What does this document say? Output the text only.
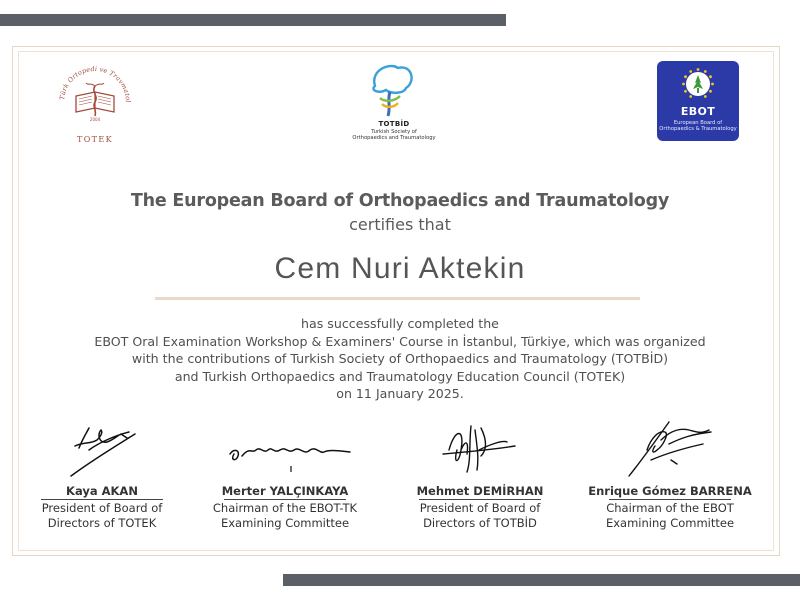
Türk Ortopedi ve Travmatol
2004
TOTEK
TOTBİD
Turkish Society of
Orthopaedics and Traumatology
EBOT
European Board of
Orthopaedics & Traumatology
The European Board of Orthopaedics and Traumatology
certifies that
Cem Nuri Aktekin
has successfully completed the
EBOT Oral Examination Workshop & Examiners' Course in İstanbul, Türkiye, which was organized
with the contributions of Turkish Society of Orthopaedics and Traumatology (TOTBİD)
and Turkish Orthopaedics and Traumatology Education Council (TOTEK)
on 11 January 2025.
Kaya AKAN
President of Board of
Directors of TOTEK
Merter YALÇINKAYA
Chairman of the EBOT-TK
Examining Committee
Mehmet DEMİRHAN
President of Board of
Directors of TOTBİD
Enrique Gómez BARRENA
Chairman of the EBOT
Examining Committee
